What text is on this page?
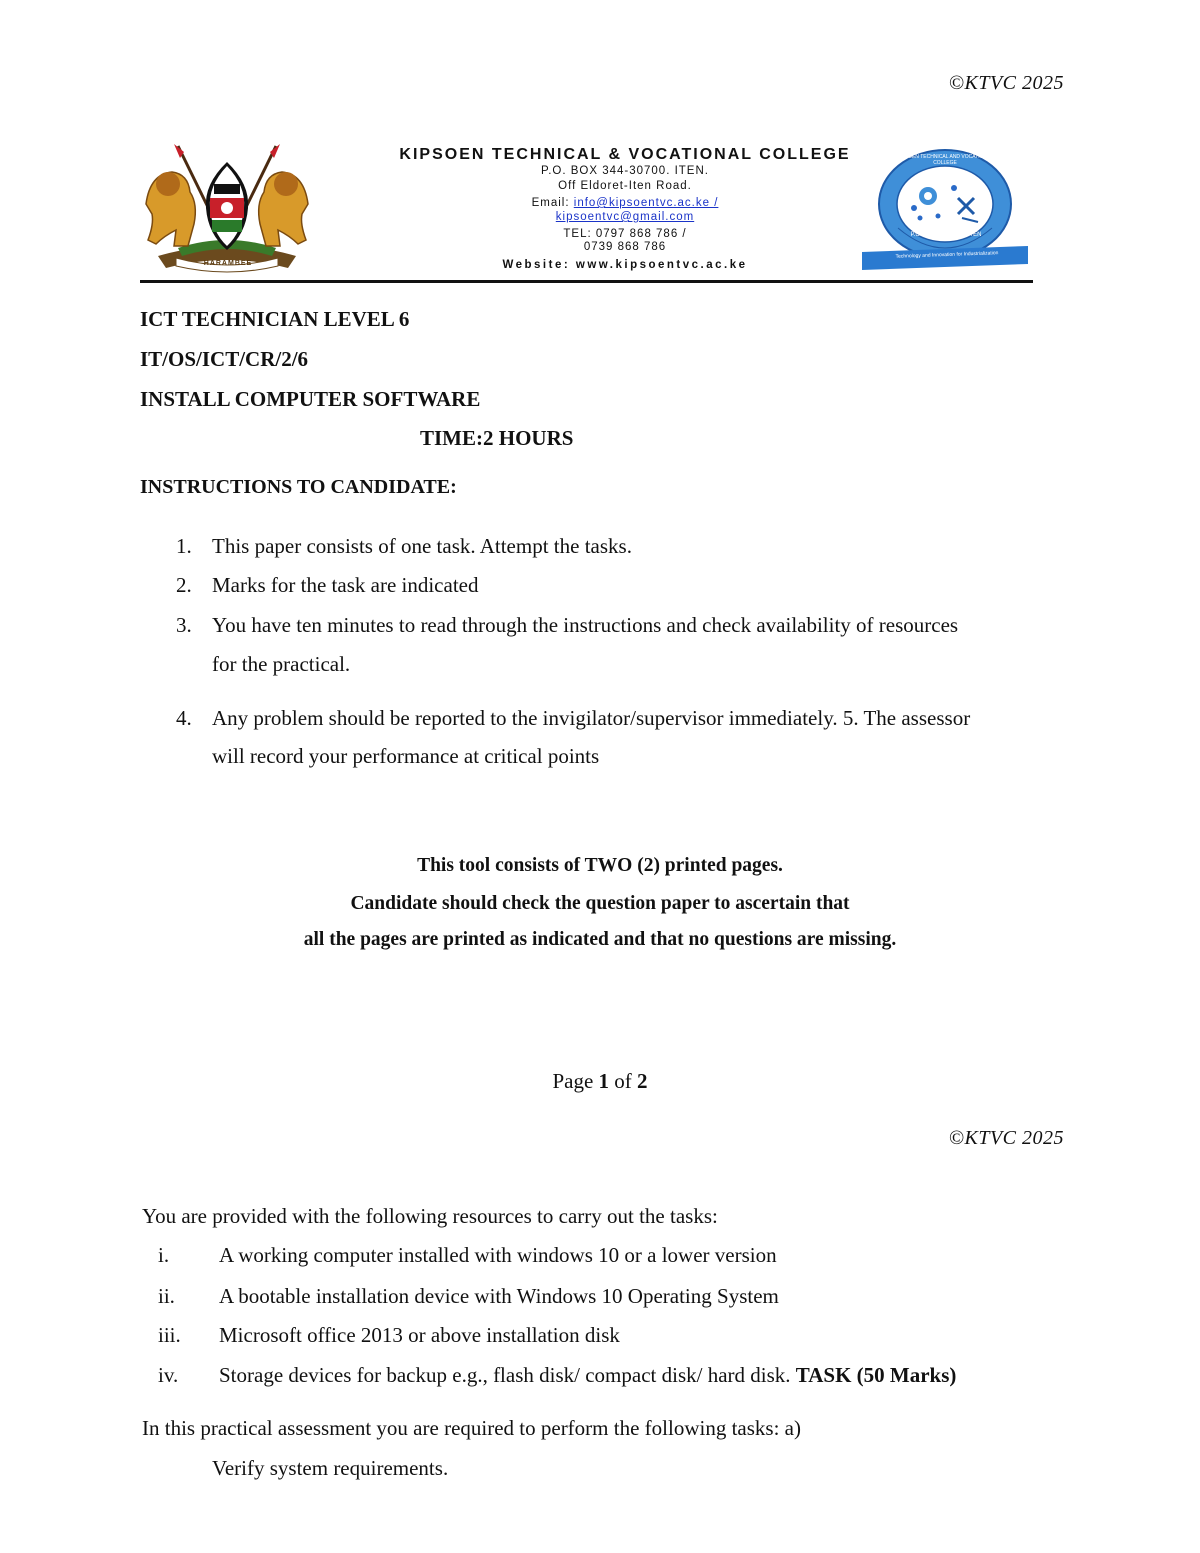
©KTVC 2025
HARAMBEE
KIPSOEN TECHNICAL & VOCATIONAL COLLEGE
P.O. BOX 344-30700. ITEN.
Off Eldoret-Iten Road.
Email: info@kipsoentvc.ac.ke /
kipsoentvc@gmail.com
TEL: 0797 868 786 /
0739 868 786
Website: www.kipsoentvc.ac.ke
Technology and Innovation for Industrialization
P.O. BOX 344 30700 ITEN
KIPSOEN TECHNICAL AND VOCATIONAL COLLEGE
ICT TECHNICIAN LEVEL 6
IT/OS/ICT/CR/2/6
INSTALL COMPUTER SOFTWARE
TIME:2 HOURS
INSTRUCTIONS TO CANDIDATE:
1. This paper consists of one task. Attempt the tasks.
2. Marks for the task are indicated
3. You have ten minutes to read through the instructions and check availability of resources
for the practical.
4. Any problem should be reported to the invigilator/supervisor immediately. 5. The assessor
will record your performance at critical points
This tool consists of TWO (2) printed pages.
Candidate should check the question paper to ascertain that
all the pages are printed as indicated and that no questions are missing.
Page 1 of 2
©KTVC 2025
You are provided with the following resources to carry out the tasks:
i. A working computer installed with windows 10 or a lower version
ii. A bootable installation device with Windows 10 Operating System
iii. Microsoft office 2013 or above installation disk
iv. Storage devices for backup e.g., flash disk/ compact disk/ hard disk. TASK (50 Marks)
In this practical assessment you are required to perform the following tasks: a)
Verify system requirements.
